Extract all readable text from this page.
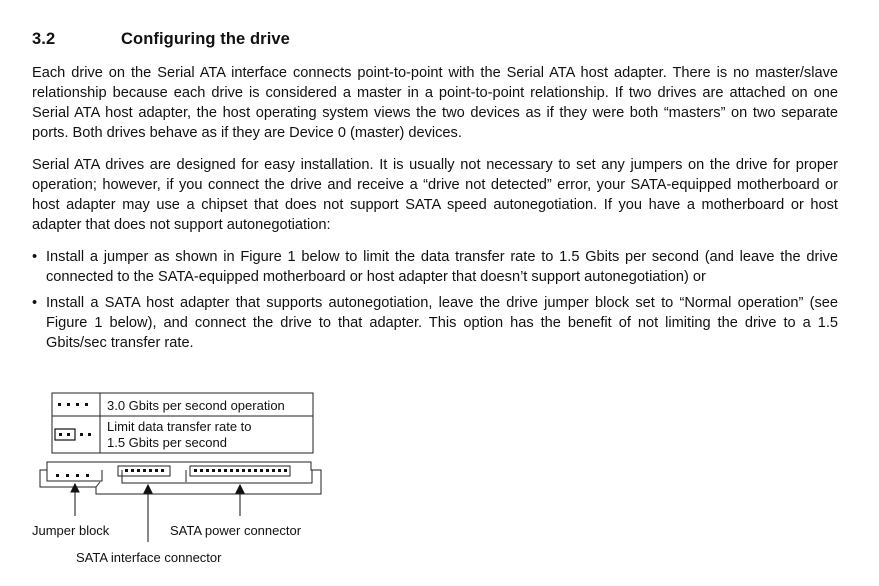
3.2	Configuring the drive

Each drive on the Serial ATA interface connects point-to-point with the Serial ATA host adapter. There is no master/slave relationship because each drive is considered a master in a point-to-point relationship. If two drives are attached on one Serial ATA host adapter, the host operating system views the two devices as if they were both “masters” on two separate ports. Both drives behave as if they are Device 0 (master) devices.

Serial ATA drives are designed for easy installation. It is usually not necessary to set any jumpers on the drive for proper operation; however, if you connect the drive and receive a “drive not detected” error, your SATA-equipped motherboard or host adapter may use a chipset that does not support SATA speed autonegotiation. If you have a motherboard or host adapter that does not support autonegotiation:

• Install a jumper as shown in Figure 1 below to limit the data transfer rate to 1.5 Gbits per second (and leave the drive connected to the SATA-equipped motherboard or host adapter that doesn’t support autonegotiation) or
• Install a SATA host adapter that supports autonegotiation, leave the drive jumper block set to “Normal operation” (see Figure 1 below), and connect the drive to that adapter. This option has the benefit of not limiting the drive to a 1.5 Gbits/sec transfer rate.
3.0 Gbits per second operation
Limit data transfer rate to
1.5 Gbits per second
Jumper block	SATA power connector
SATA interface connector
